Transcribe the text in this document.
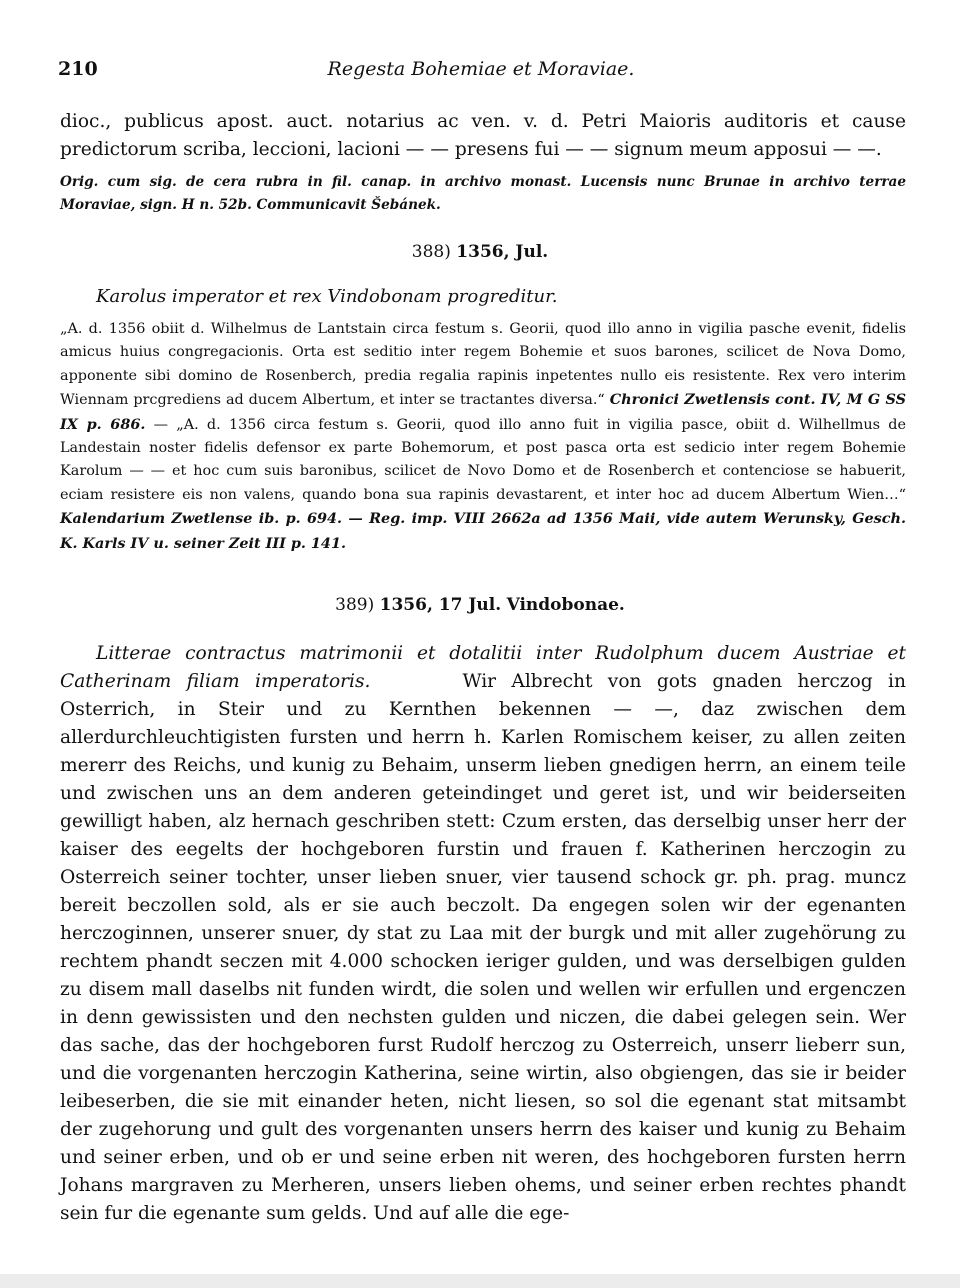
210	Regesta Bohemiae et Moraviae.

dioc., publicus apost. auct. notarius ac ven. v. d. Petri Maioris auditoris et cause predictorum scriba, leccioni, lacioni — — presens fui — — signum meum apposui — —.

Orig. cum sig. de cera rubra in fil. canap. in archivo monast. Lucensis nunc Brunae in archivo terrae Moraviae, sign. H n. 52b. Communicavit Šebánek.

388) 1356, Jul.
Karolus imperator et rex Vindobonam progreditur.

„A. d. 1356 obiit d. Wilhelmus de Lantstain circa festum s. Georii, quod illo anno in vigilia pasche evenit, fidelis amicus huius congregacionis. Orta est seditio inter regem Bohemie et suos barones, scilicet de Nova Domo, apponente sibi domino de Rosenberch, predia regalia rapinis inpetentes nullo eis resistente. Rex vero interim Wiennam prcgrediens ad ducem Albertum, et inter se tractantes diversa.“ Chronici Zwetlensis cont. IV, M G SS IX p. 686. — „A. d. 1356 circa festum s. Georii, quod illo anno fuit in vigilia pasce, obiit d. Wilhellmus de Landestain noster fidelis defensor ex parte Bohemorum, et post pasca orta est sedicio inter regem Bohemie Karolum — — et hoc cum suis baronibus, scilicet de Novo Domo et de Rosenberch et contenciose se habuerit, eciam resistere eis non valens, quando bona sua rapinis devastarent, et inter hoc ad ducem Albertum Wien…“ Kalendarium Zwetlense ib. p. 694. — Reg. imp. VIII 2662a ad 1356 Maii, vide autem Werunsky, Gesch. K. Karls IV u. seiner Zeit III p. 141.

389) 1356, 17 Jul. Vindobonae.

Litterae contractus matrimonii et dotalitii inter Rudolphum ducem Austriae et Catherinam filiam imperatoris.	Wir Albrecht von gots gnaden herczog in Osterrich, in Steir und zu Kernthen bekennen — —, daz zwischen dem allerdurchleuchtigisten fursten und herrn h. Karlen Romischem keiser, zu allen zeiten mererr des Reichs, und kunig zu Behaim, unserm lieben gnedigen herrn, an einem teile und zwischen uns an dem anderen geteindinget und geret ist, und wir beiderseiten gewilligt haben, alz hernach geschriben stett: Czum ersten, das derselbig unser herr der kaiser des eegelts der hochgeboren furstin und frauen f. Katherinen herczogin zu Osterreich seiner tochter, unser lieben snuer, vier tausend schock gr. ph. prag. muncz bereit beczollen sold, als er sie auch beczolt. Da engegen solen wir der egenanten herczoginnen, unserer snuer, dy stat zu Laa mit der burgk und mit aller zugehörung zu rechtem phandt seczen mit 4.000 schocken ieriger gulden, und was derselbigen gulden zu disem mall daselbs nit funden wirdt, die solen und wellen wir erfullen und ergenczen in denn gewissisten und den nechsten gulden und niczen, die dabei gelegen sein. Wer das sache, das der hochgeboren furst Rudolf herczog zu Osterreich, unserr lieberr sun, und die vorgenanten herczogin Katherina, seine wirtin, also obgiengen, das sie ir beider leibeserben, die sie mit einander heten, nicht liesen, so sol die egenant stat mitsambt der zugehorung und gult des vorgenanten unsers herrn des kaiser und kunig zu Behaim und seiner erben, und ob er und seine erben nit weren, des hochgeboren fursten herrn Johans margraven zu Merheren, unsers lieben ohems, und seiner erben rechtes phandt sein fur die egenante sum gelds. Und auf alle die ege-
